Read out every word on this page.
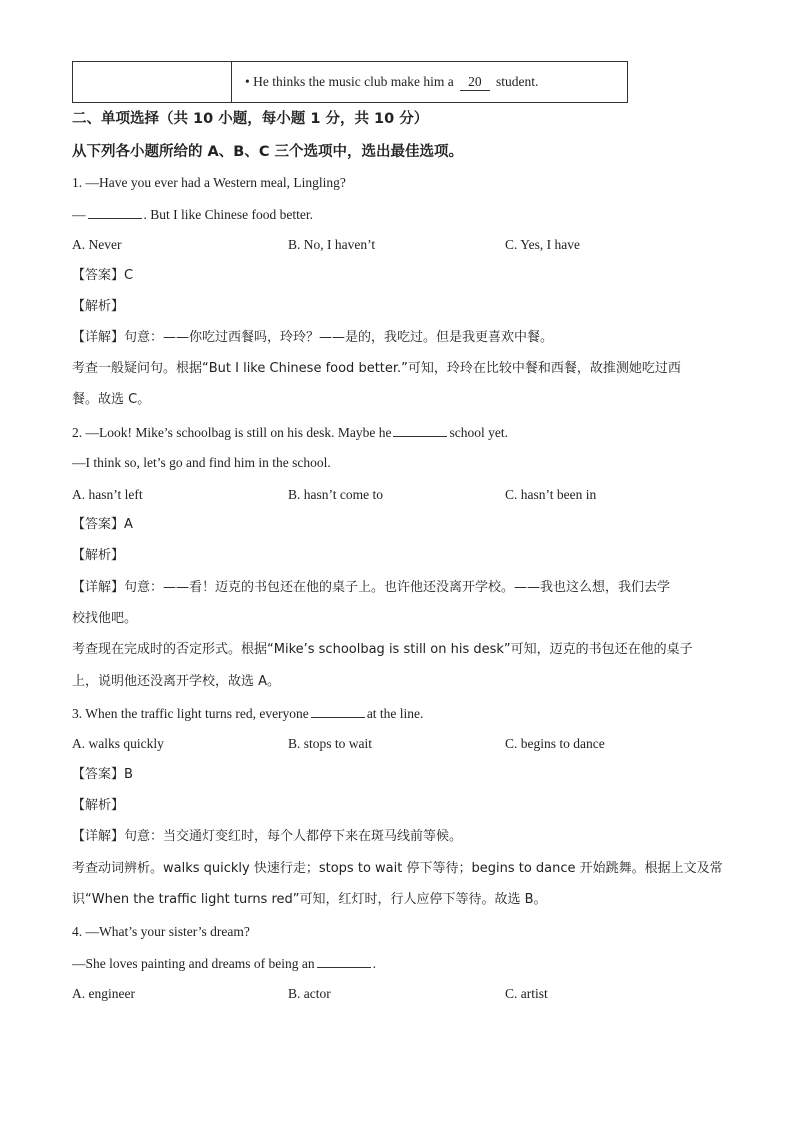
• He thinks the music club make him a 20 student.
二、单项选择（共 10 小题，每小题 1 分，共 10 分）
从下列各小题所给的 A、B、C 三个选项中，选出最佳选项。
1. —Have you ever had a Western meal, Lingling?
—	. But I like Chinese food better.
A. Never	B. No, I haven’t	C. Yes, I have
【答案】C
【解析】
【详解】句意：——你吃过西餐吗，玲玲？——是的，我吃过。但是我更喜欢中餐。
考查一般疑问句。根据“But I like Chinese food better.”可知，玲玲在比较中餐和西餐，故推测她吃过西
餐。故选 C。
2. —Look! Mike’s schoolbag is still on his desk. Maybe he	school yet.
—I think so, let’s go and find him in the school.
A. hasn’t left	B. hasn’t come to	C. hasn’t been in
【答案】A
【解析】
【详解】句意：——看！迈克的书包还在他的桌子上。也许他还没离开学校。——我也这么想，我们去学
校找他吧。
考查现在完成时的否定形式。根据“Mike’s schoolbag is still on his desk”可知，迈克的书包还在他的桌子
上，说明他还没离开学校，故选 A。
3. When the traffic light turns red, everyone	at the line.
A. walks quickly	B. stops to wait	C. begins to dance
【答案】B
【解析】
【详解】句意：当交通灯变红时，每个人都停下来在斑马线前等候。
考查动词辨析。walks quickly 快速行走；stops to wait 停下等待；begins to dance 开始跳舞。根据上文及常
识“When the traffic light turns red”可知，红灯时，行人应停下等待。故选 B。
4. —What’s your sister’s dream?
—She loves painting and dreams of being an	.
A. engineer	B. actor	C. artist
